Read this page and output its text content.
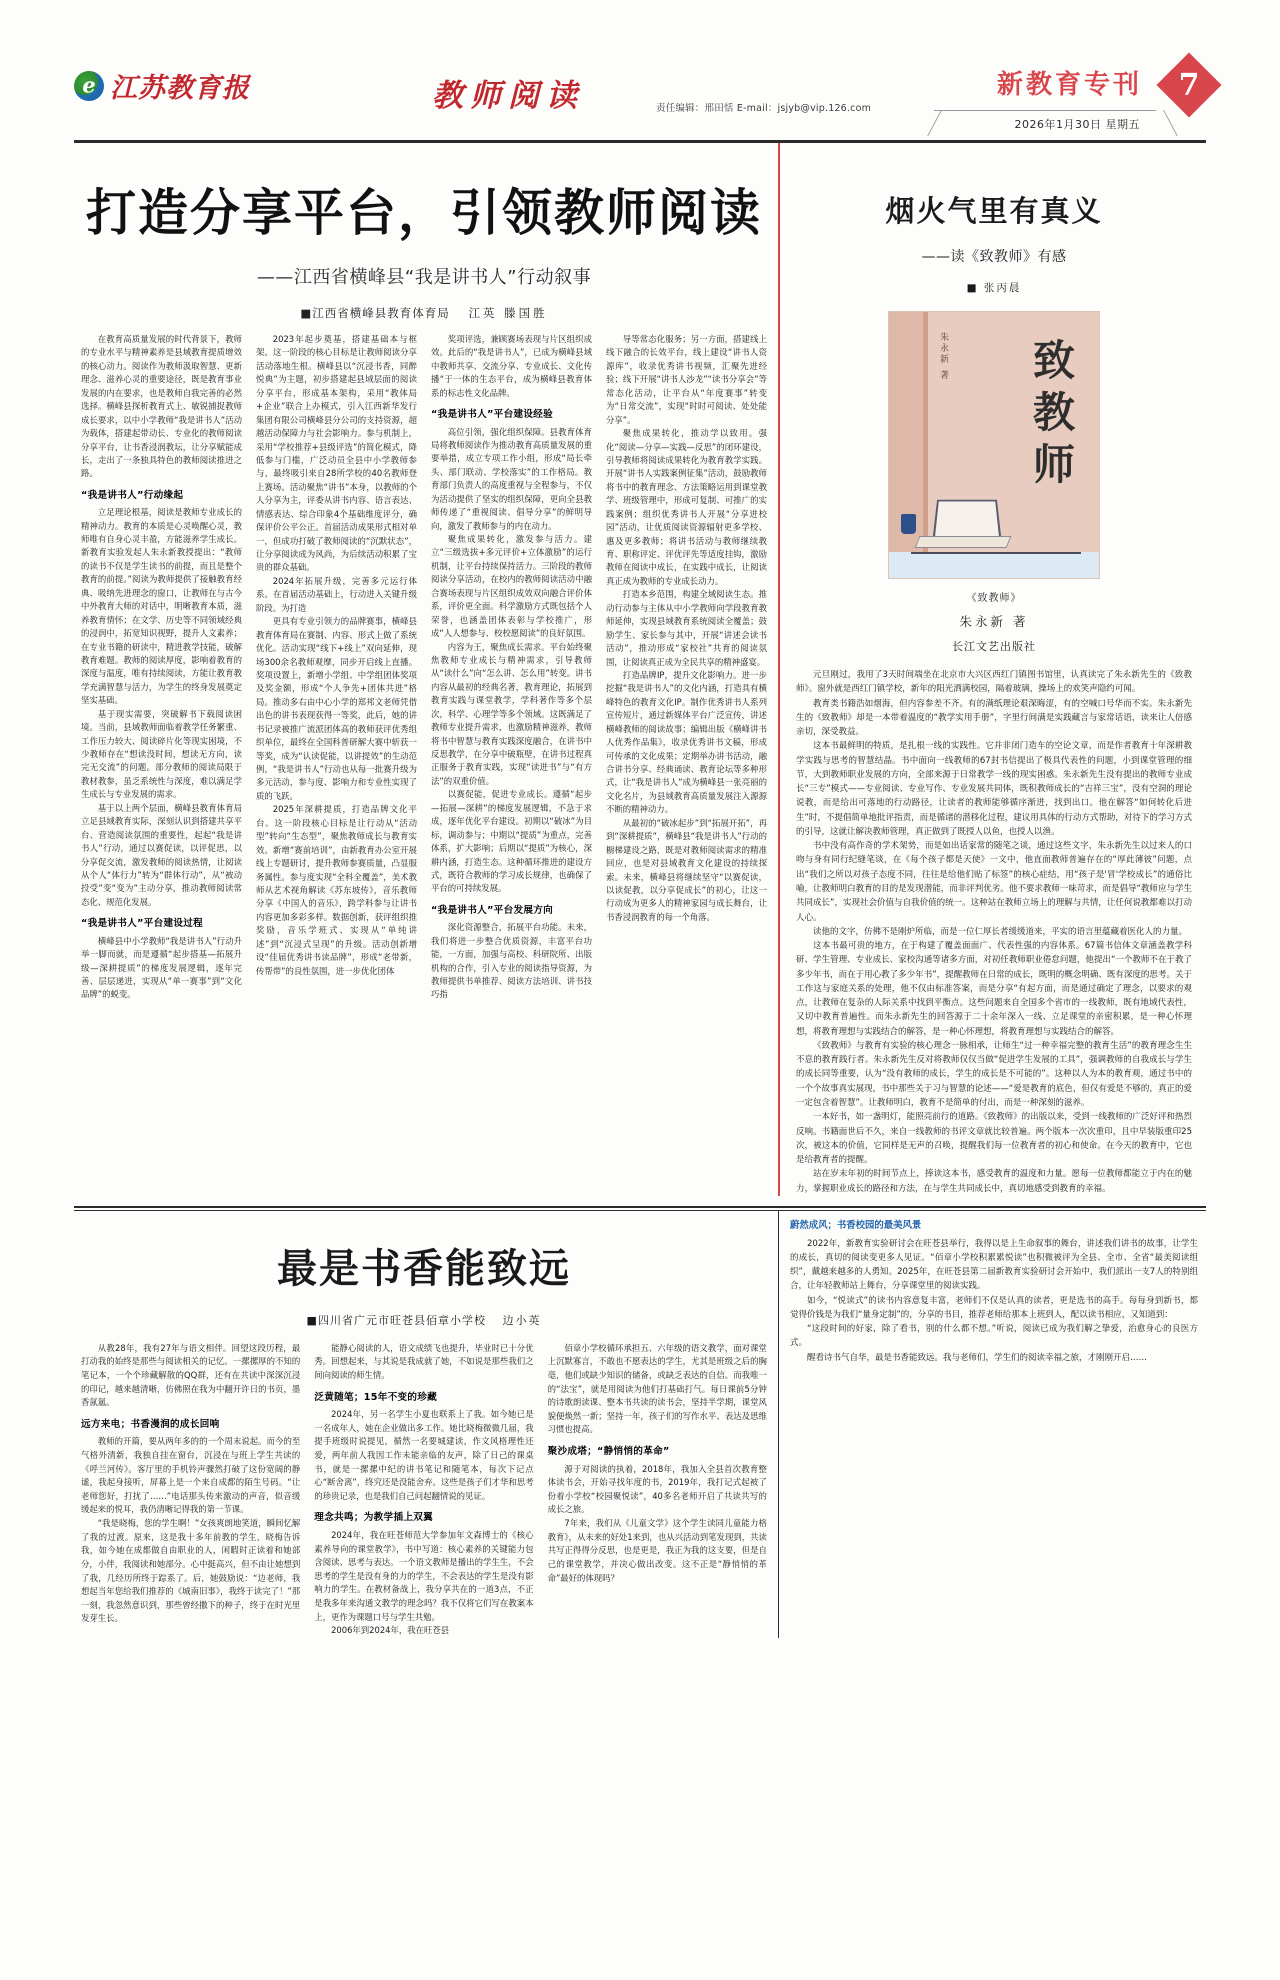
e
江苏教育报	教师阅读	责任编辑：邢田恬 E-mail：jsjyb@vip.126.com
新教育专刊 7
2026年1月30日 星期五
打造分享平台，引领教师阅读
——江西省横峰县“我是讲书人”行动叙事
■江西省横峰县教育体育局 江英 滕国胜

在教育高质量发展的时代背景下，教师的专业水平与精神素养是县域教育提质增效的核心动力。阅读作为教师汲取智慧、更新理念、滋养心灵的重要途径，既是教育事业发展的内在要求，也是教师自我完善的必然选择。横峰县探析教育式上、敏锐捕捉教师成长要求，以中小学教师“我是讲书人”活动为载体，搭建起带动长、专业化的教师阅读分享平台，让书香浸润教坛，让分享赋能成长，走出了一条独具特色的教师阅读推进之路。

“我是讲书人”行动缘起

立足理论根基，阅读是教师专业成长的精神动力。教育的本质是心灵唤醒心灵，教师唯有自身心灵丰盈，方能滋养学生成长。新教育实验发起人朱永新教授提出：“教师的读书不仅是学生读书的前提，而且是整个教育的前提。”阅读为教师提供了接触教育经典、吸纳先进理念的窗口，让教师在与古今中外教育大师的对话中，明晰教育本质，滋养教育情怀；在文学、历史等不同领域经典的浸润中，拓宽知识视野，提升人文素养；在专业书籍的研读中，精进教学技能，破解教育难题。教师的阅读厚度，影响着教育的深度与温度，唯有持续阅读，方能让教育教学充满智慧与活力，为学生的终身发展奠定坚实基础。

基于现实需要，突破解书下载阅读困境。当前，县域教师面临着教学任务繁重、工作压力较大、阅读碎片化等现实困境，不少教师存在“想读没时间，想读无方向，读完无交流”的问题。部分教师的阅读局限于教材教参，虽乏系统性与深度，难以满足学生成长与专业发展的需求。

基于以上两个层面，横峰县教育体育局立足县域教育实际，深刻认识到搭建共享平台、营造阅读氛围的重要性，起起“我是讲书人”行动，通过以赛促读，以评促思，以分享促交流，激发教师的阅读热情，让阅读从个人“体行力”转为“群体行动”，从“被动投受”变“变为”主动分享，推动教师阅读常态化、规范化发展。

“我是讲书人”平台建设过程

横峰县中小学教师“我是讲书人”行动升举一脚而就，而是遵循“起步搭基—拓展升级—深耕提质”的梯度发展逻辑，逐年完善、层层递进，实现从“单一赛事”到“文化品牌”的蜕变。

2023年起步奠基，搭建基础本与框架。这一阶段的核心目标是让教师阅读分享活动落地生根。横峰县以“沉浸书香，同醉悦典”为主题，初步搭建起县域层面的阅读分享平台，形成基本架构，采用“教体局+企业”联合上办模式，引入江西新华发行集团有限公司横峰县分公司的支持资源，超越活动保障力与社会影响力。参与机制上，采用“学校推荐+县级评选”的简化模式，降低参与门槛，广泛动员全县中小学教师参与，最终吸引来自28所学校的40名教师登上赛场。活动聚焦“讲书”本身，以教师的个人分享为主，评委从讲书内容、语言表达、情感表达、综合印象4个基础维度评分，确保评价公平公正。首届活动成果形式相对单一，但成功打破了教师阅读的“沉默状态”，让分享阅读成为风尚，为后续活动积累了宝贵的群众基础。

2024年拓展升级，完善多元运行体系。在首届活动基础上，行动进入关键升级阶段。为打造

更具有专业引领力的品牌赛事，横峰县教育体育局在赛制、内容、形式上做了系统优化。活动实现“线下+线上”双向延伸，现场300余名教师观摩，同步开启线上直播。奖项设置上，新增小学组、中学组团体奖项及奖金额，形成“个人争先+团体共进”格局。推动多右由中心小学的郑邦文老师凭借出色的讲书表现获得一等奖，此后，她的讲书记录被推广流派团体高的教师获评优秀组织单位，最终在全国科普研解大赛中斩获一等奖，成为“认读促能，以讲提效”的生动范例，“我是讲书人”行动也从每一批赛升级为多元活动，参与度、影响力和专业性实现了质的飞跃。

2025年深耕提质，打造品牌文化平台。这一阶段核心目标是让行动从“活动型”转向“生态型”，聚焦教师成长与教育实效。新增“赛前培训”，由新教育办公室开展线上专题研讨，提升教师参赛质量，凸显服务属性。参与度实现“全科全覆盖”，美术教师从艺术视角解读《苏东坡传》，音乐教师分享《中国人的音乐》，跨学科参与让讲书内容更加多彩多样。数据创新，获评组织推奖励，音乐学班式、实现从“单纯讲述”到“沉浸式呈现”的升级。活动创新增设“佳届优秀讲书读品牌”，形成“老带新，传帮带”的良性氛围，进一步优化团体

奖项评选，兼顾赛场表现与片区组织成效。此后的“我是讲书人”，已成为横峰县域中教师共享、交流分享、专业成长、文化传播“于一体的生态平台，成为横峰县教育体系的标志性文化品牌。

“我是讲书人”平台建设经验

高位引领，强化组织保障。县教育体育局将教师阅读作为推动教育高质量发展的重要举措，成立专项工作小组，形成“局长牵头、部门联动、学校落实”的工作格局。教育部门负责人的高度重视与全程参与，不仅为活动提供了坚实的组织保障，更向全县教师传递了“重视阅读、倡导分享”的鲜明导向，激发了教师参与的内在动力。

聚焦成果转化，激发参与活力。建立“三级选拔+多元评价+立体激励”的运行机制，让平台持续保持活力。三阶段的教师阅读分享活动，在校内的教师阅读活动中融合赛场表现与片区组织成效双向融合评价体系，评价更全面。科学激励方式既包括个人荣誉，也涵盖团体表彰与学校推广，形成“人人想参与、校校愿阅读”的良好氛围。

内容为王，聚焦成长需求。平台始终聚焦教师专业成长与精神需求，引导教师从“读什么”向“怎么讲、怎么用”转变。讲书内容从最初的经典名著，教育理论，拓展到教育实践与课堂教学，学科著作等多个层次，科学、心理学等多个领域。这既满足了教师专业提升需求，也激励精神滋养，教师将书中智慧与教育实践深度融合，在讲书中反思教学，在分享中破瓶壁，在讲书过程真正服务于教育实践，实现“读进书”与“有方法”的双重价值。

以赛促能，促进专业成长。遵循“起步—拓展—深耕”的梯度发展逻辑，不急于求成，逐年优化平台建设。初期以“破冰”为目标，调动参与；中期以“提质”为重点，完善体系，扩大影响；后期以“提质”为核心，深耕内涵，打造生态。这种循环推进的建设方式，既符合教师的学习成长规律，也确保了平台的可持续发展。

“我是讲书人”平台发展方向

深化资源整合，拓展平台功能。未来，我们将进一步整合优质资源，丰富平台功能，一方面，加强与高校、科研院所、出版机构的合作，引入专业的阅读指导资源，为教师提供书单推荐、阅读方法培训、讲书技巧指

导等常态化服务；另一方面，搭建线上线下融合的长效平台，线上建设“讲书人资源库”，收录优秀讲书视频，汇聚先进经验；线下开展“讲书人沙龙”“读书分享会”等常态化活动，让平台从“年度赛事”转变为“日常交流”，实现“时时可阅读、处处能分享”。

聚焦成果转化，推动学以致用。强化“阅读—分享—实践—反思”的闭环建设，引导教师将阅读成果转化为教育教学实践。开展“讲书人实践案例征集”活动，鼓励教师将书中的教育理念、方法策略运用到课堂教学、班级管理中，形成可复制、可推广的实践案例；组织优秀讲书人开展“分享进校园”活动，让优质阅读资源辐射更多学校、惠及更多教师；将讲书活动与教师继续教育、职称评定、评优评先等适度挂钩，激励教师在阅读中成长，在实践中成长，让阅读真正成为教师的专业成长动力。

打造本乡范围，构建全域阅读生态。推动行动参与主体从中小学教师向学段教育教师延伸，实现县域教育系统阅读全覆盖；鼓励学生、家长参与其中，开展“讲述会读书活动”，推动形成“家校社”共育的阅读氛围，让阅读真正成为全民共享的精神盛宴。

打造品牌IP，提升文化影响力。进一步挖掘“我是讲书人”的文化内涵，打造具有横峰特色的教育文化IP。制作优秀讲书人系列宣传短片，通过新媒体平台广泛宣传，讲述横峰教师的阅读故事；编辑出版《横峰讲书人优秀作品集》，收录优秀讲书文稿，形成可传承的文化成果；定期举办讲书活动，融合讲书分享、经典诵读、教育论坛等多种形式，让“我是讲书人”成为横峰县一张亮丽的文化名片，为县域教育高质量发展注入源源不断的精神动力。

从最初的“破冰起步”到“拓展开拓”，再到“深耕提质”，横峰县“我是讲书人”行动的橱梯建设之路，既是对教师阅读需求的精准回应，也是对县域教育文化建设的持续探索。未来，横峰县将继续坚守“以赛促读，以读促教，以分享促成长”的初心，让这一行动成为更多人的精神家园与成长舞台，让书香浸润教育的每一个角落。

烟火气里有真义
——读《致教师》有感
■ 张丙晨
朱永新 著 致教师
《致教师》
朱永新 著
长江文艺出版社

元旦刚过，我用了3天时间端坐在北京市大兴区西红门镇图书馆里，认真读完了朱永新先生的《致教师》。窗外就是西红门镇学校，新年的阳光洒满校园，隔着玻璃，操场上的欢笑声隐约可闻。

教育类书籍浩如烟海，但内容参差不齐。有的满纸理论艰深晦涩，有的空喊口号华而不实。朱永新先生的《致教师》却是一本带着温度的“教学实用手册”，字里行间满是实践藏言与家常话语，读来让人倍感亲切，深受教益。

这本书最鲜明的特质，是扎根一线的实践性。它并非闭门造车的空论文章，而是作者教育十年深耕教学实践与思考的智慧结晶。书中面向一线教师的67封书信提出了极具代表性的问题，小到课堂管理的细节，大到教师职业发展的方向，全部来源于日常教学一线的现实困惑。朱永新先生没有提出的教师专业成长“三专”模式——专业阅读、专业写作、专业发展共同体，既积教师成长的“吉祥三宝”，没有空洞的理论说教，而是给出可落地的行动路径，让读者的教师能够循序渐进，找到出口。他在解答“如何转化后进生”时，不提倡简单地批评指责，而是循诸的潜移化过程，建议用具体的行动方式帮助，对待下的学习方式的引导，这就让解决教师管理，真正做到了既授人以鱼，也授人以渔。

书中没有高作奇的学术架势，而是如出话家常的随笔之谈，通过这些文字，朱永新先生以过来人的口吻与身有同行纪缝笔谈，在《每个孩子都是天使》一文中，他直面教师普遍存在的“厚此薄彼”问题，点出“我们之所以对孩子态度不同，往往是给他们贴了标签”的核心症结，用“孩子是'冒'学校成长”的通俗比喻，让教师明白教育的目的是发现潜能，而非评判优劣。他不要求教师一味苛求，而是倡导“教师应与学生共同成长”，实现社会价值与自我价值的统一。这种站在教师立场上的理解与共情，让任何说教都难以打动人心。

读他的文字，仿佛不是刚炉所临，而是一位仁厚长者缓缓道来，平实的语言里蕴藏着医化人的力量。

这本书最可贵的地方，在于构建了覆盖面面广、代表性强的内容体系。67篇书信体文章涵盖教学科研、学生管理、专业成长、家校沟通等诸多方面，对初任教师职业倦怠问题，他提出“一个教师不在于教了多少年书，而在于用心教了多少年书”，提醒教师在日常的成长，既明的概念明确、既有深度的思考。关于工作这与家庭关系的处理，他不仅由标准答案，而是分享“有起方面，而是通过确定了理念，以要求的观点，让教师在复杂的人际关系中找到平衡点。这些问题来自全国多个省市的一线教师，既有地域代表性，又切中教育普遍性。而朱永新先生的回答源于二十余年深入一线、立足课堂的亲密积累，是一种心怀理想，将教育理想与实践结合的解答，是一种心怀理想，将教育理想与实践结合的解答。

《致教师》与教育有实验的核心理念一脉相承，让师生“过一种幸福完整的教育生活”的教育理念生生不息的教育践行者。朱永新先生反对将教师仅仅当做“促进学生发展的工具”，强调教师的自我成长与学生的成长同等重要，认为“没有教师的成长，学生的成长是不可能的”。这种以人为本的教育观，通过书中的一个个故事真实展现，书中那些关于习与智慧的论述——“爱是教育的底色，但仅有爱是不够的，真正的爱一定包含着智慧”。让教师明白，教育不是简单的付出，而是一种深刻的滋养。

一本好书，如一盏明灯，能照亮前行的道路。《致教师》的出版以来，受到一线教师的广泛好评和热烈反响。书籍面世后不久，来自一线教师的书评文章就比较普遍。两个版本一次次重印，且中早装版重印25次，被这本的价值，它同样是无声的召唤，提醒我们每一位教育者的初心和使命。在今天的教育中，它也是给教育者的提醒。

站在岁末年初的时间节点上，捧读这本书，感受教育的温度和力量。愿每一位教师都能立于内在的魅力，掌握职业成长的路径和方法，在与学生共同成长中，真切地感受到教育的幸福。

最是书香能致远
■四川省广元市旺苍县佰章小学校 边小英

从教28年，我有27年与语文相伴。回望这段历程，最打动我的始终是那些与阅读相关的记忆。一摞摞厚的不知的笔记本，一个个珍藏解散的QQ群，还有在共读中深深沉浸的印记，越来越清晰，仿佛照在我为中翻开许日的书页，墨香氤氲。

远方来电；书香漫润的成长回响

教师的开篇，要从两年多的的一个周末说起。而今的至气格外清新，我独自挂在窗台，沉浸在与班上学生共读的《呼兰河传》。客厅里的手机铃声骤然打破了这份宽阔的静谧，我起身接听，屏幕上是一个来自成都的陌生号码。“让老师您好，打扰了……”电话那头传来激动的声音，似音缓缓起来的悦耳，我仍清晰记得我的第一节课。

“我是晓梅，您的学生啊！”女孩爽朗地笑道，瞬间忆解了我的过渡。原来，这是我十多年前教的学生，晓梅告诉我，如今她在成都做自由职业的人，闲暇时正读着和她部分，小伴，我阅读和她部分。心中挺高兴，但不由让她想到了我，几经历所终于踪系了。后，她鼓励说：“边老师，我想起当年您给我们推荐的《城南旧事》，我终于读完了！”那一刻，我忽然意识到，那些曾经撒下的种子，终于在时光里发芽生长。

能静心阅读的人，语文成绩飞也提升，毕业时已十分优秀。回想起来，与其说是我成就了她，不如说是那些我们之间向阅读的师生情。

泛黄随笔；15年不变的珍藏

2024年，另一名学生小夏也联系上了我。如今她已是一名成年人，她在企业做出多工作。她比晓梅微微几届，我提手班级时说提见，循然一名要城建读，作文风格理性还爱，两年前人我因工作未能亲临的友声，除了日己的课桌书，就是一摞摞中纪的讲书笔记和随笔本，每次下记点心“断舍离”，终究还是没能舍弃。这些是孩子们才华和思考的珍贵记录，也是我们自己问起翻情说的见证。

理念共鸣；为教学插上双翼

2024年，我在旺苍师范大学参加年文森博士的《核心素养导向的课堂教学》，书中写道：核心素养的关键能力包含阅读、思考与表达。一个语文教师是播出的学生生，不会思考的学生是没有身的力的学生，不会表达的学生是没有影响力的学生。在教材备战上，我分享共在的一道3点，不正是我多年来沟通文教学的理念吗？我不仅将它们写在教案本上，更作为课题口号与学生共勉。

2006年到2024年，我在旺苍县

佰章小学校循环承担五、六年级的语文教学，面对课堂上沉默寡言，不敢也不愿表达的学生，尤其是班级之后的胸毫，他们或缺少知识的储备，或缺乏表达的自信。而我唯一的“法宝”，就是用阅读为他们打基础打气。每日课前5分钟的诗歌朗读课、整本书共读的读书会，坚持半学期，课堂风貌便焕然一新；坚持一年，孩子们的写作水平、表达及思维习惯也提高。

聚沙成塔；“静悄悄的革命”

源于对阅读的执着，2018年，我加入全县首次教育整体读书会，开始寻找年度的书，2019年，我打记式起被了份着小学校“校园聚悦读”，40多名老师开启了共读共写的成长之旅。

7年来，我们从《儿童文学》这个学生读同儿童能力格教育》，从未来的好处1来到，也从兴活动到笔发现到，共读共写正得得分反思，也是更是，我正为我的这支要，但是自己的课堂教学，并决心做出改变。这不正是“静悄悄的革命”最好的体现吗？

蔚然成风；书香校园的最美风景

2022年，新教育实验研讨会在旺苍县举行，我得以是上生命叙事的舞台，讲述我们讲书的故事，让学生的成长，真切的阅读变更多人见证。“佰章小学校积累累悦读”也积微被评为全县、全市、全省“最美阅读组织”，戴越来越多的人勇知。2025年，在旺苍县第二届新教育实验研讨会开始中，我们派出一支7人的特别组合，让年轻教师站上舞台，分享课堂里的阅读实践。

如今，“悦读式”的读书内容意复丰富，老师们不仅是认真的读者，更是选书的高手。每每身到新书，都觉得价钱是为我们“量身定制”的，分享的书目，推荐老师给那本上班到人，配以读书相应，又知道到：

“这段时间的好家，除了看书，别的什么都不想。”听说，阅读已成为我们解之挚爱，治愈身心的良医方式。

醒看诗书气自华，最是书香能致远。我与老师们，学生们的阅读幸福之旅，才刚刚开启……
